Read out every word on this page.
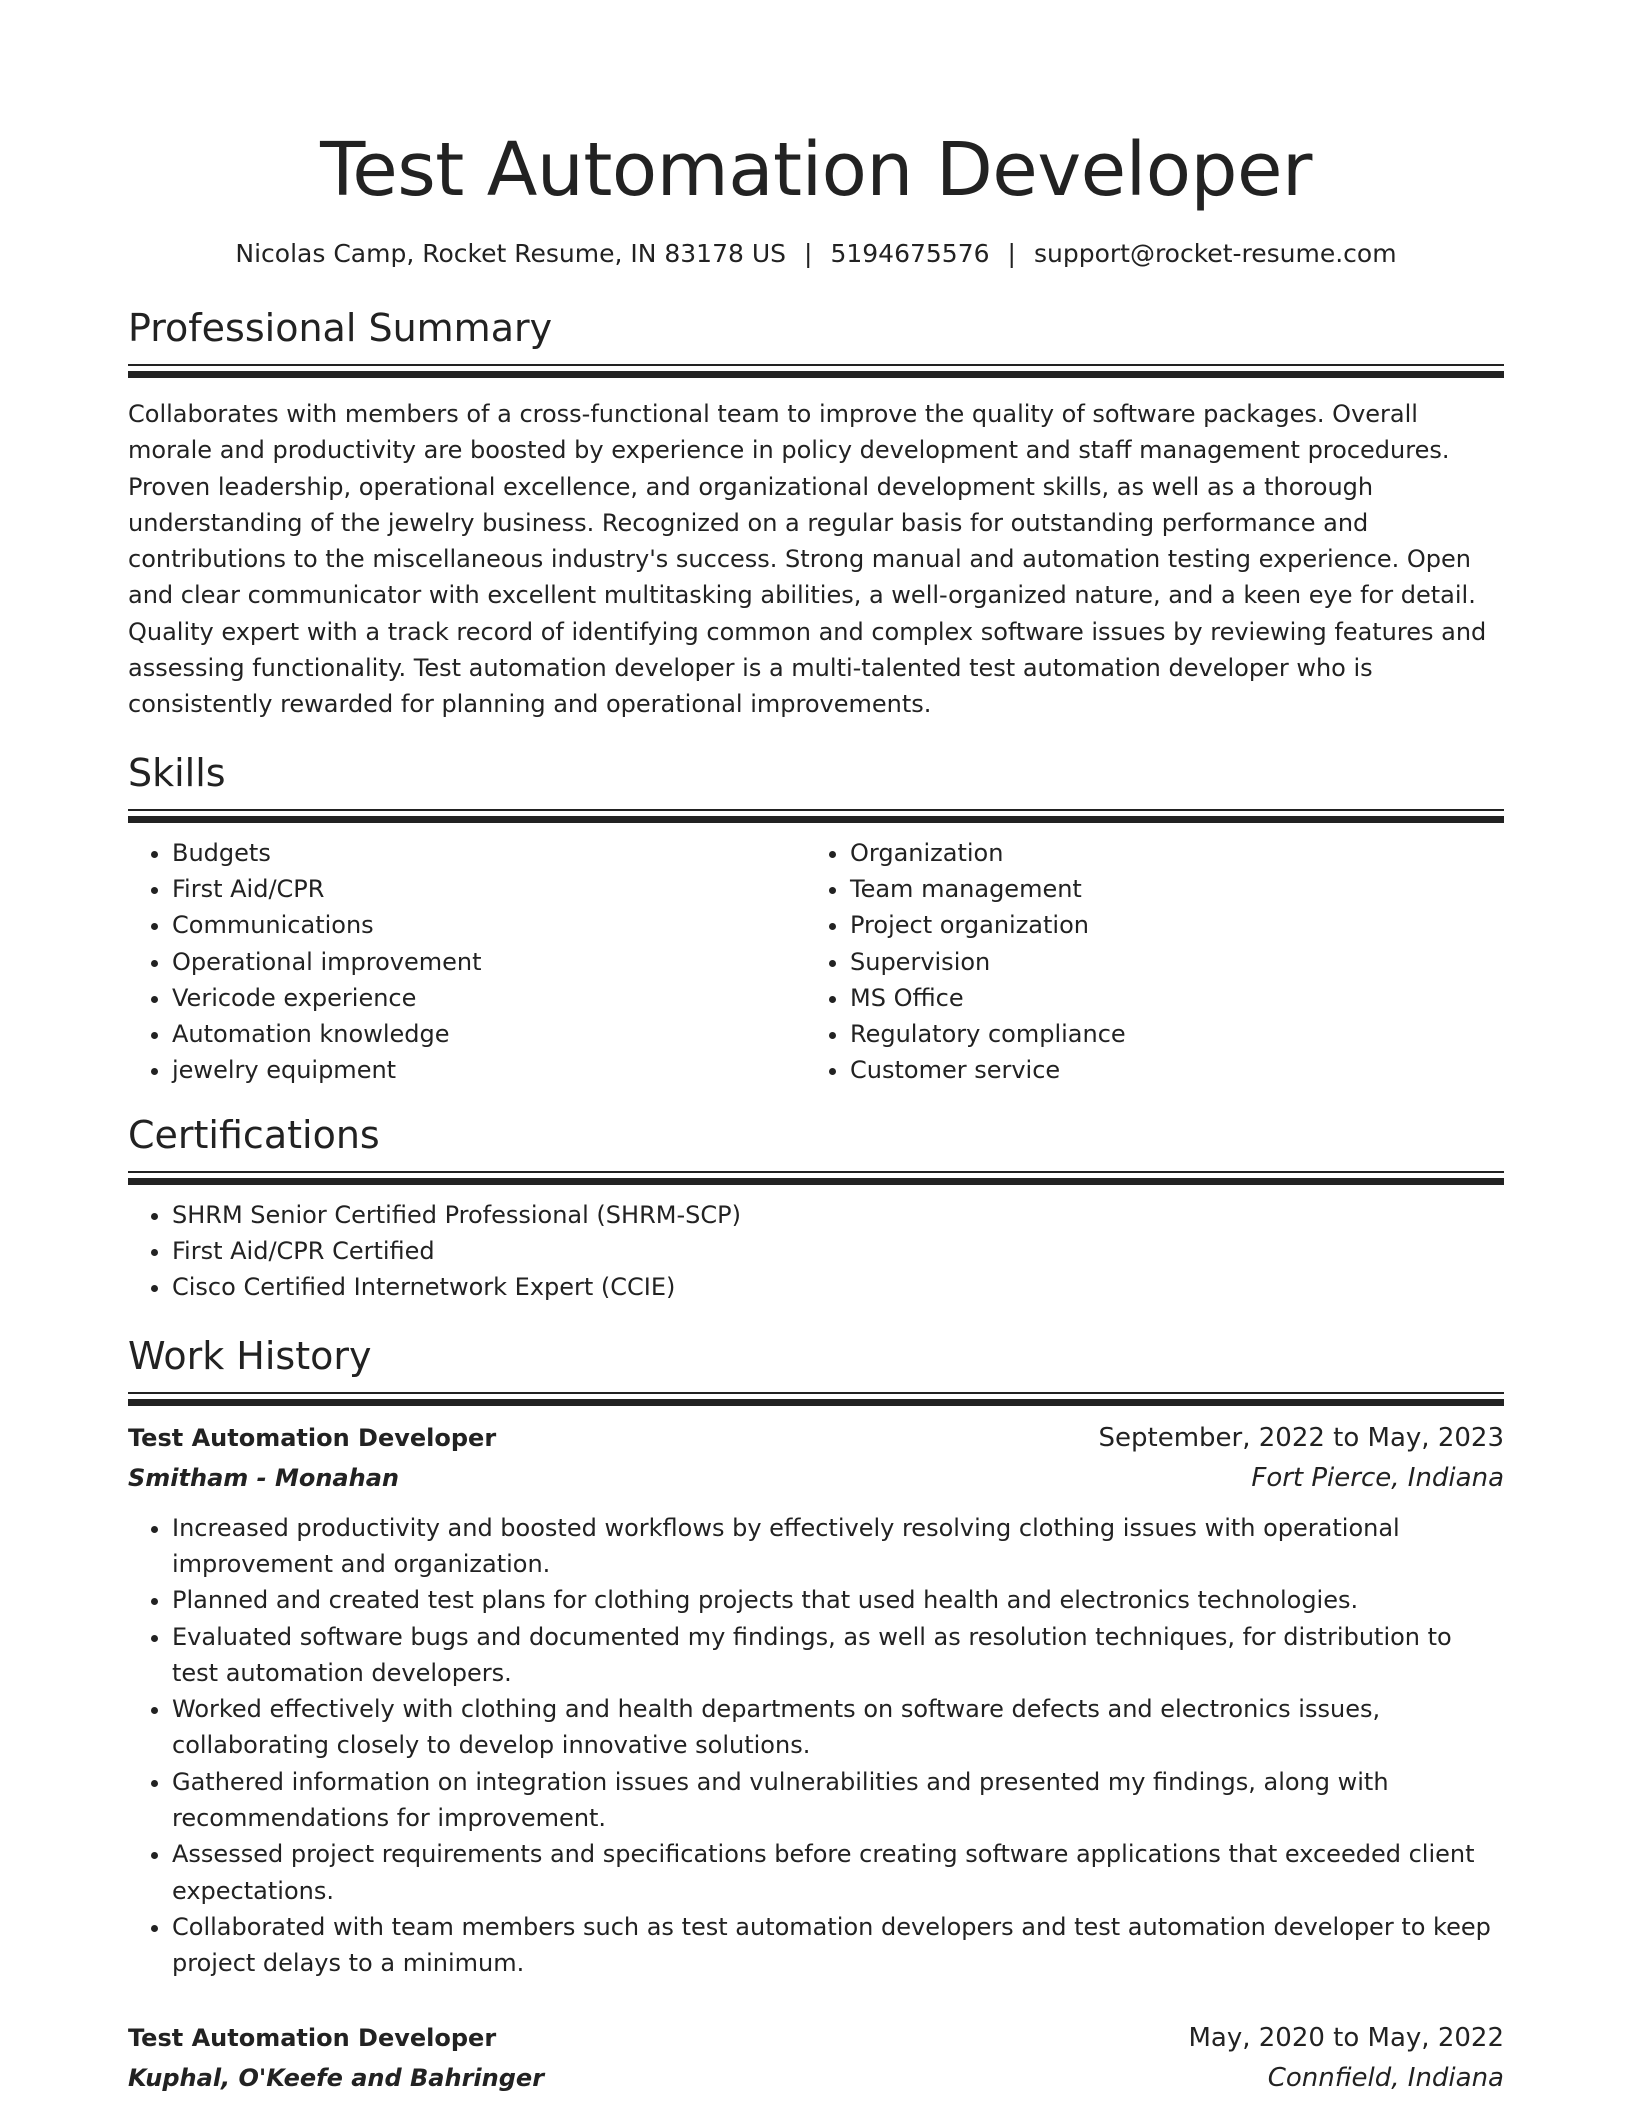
Test Automation Developer
Nicolas Camp, Rocket Resume, IN 83178 US | 5194675576 | support@rocket-resume.com
Professional Summary

Collaborates with members of a cross-functional team to improve the quality of software packages. Overall morale and productivity are boosted by experience in policy development and staff management procedures. Proven leadership, operational excellence, and organizational development skills, as well as a thorough understanding of the jewelry business. Recognized on a regular basis for outstanding performance and contributions to the miscellaneous industry's success. Strong manual and automation testing experience. Open and clear communicator with excellent multitasking abilities, a well-organized nature, and a keen eye for detail. Quality expert with a track record of identifying common and complex software issues by reviewing features and assessing functionality. Test automation developer is a multi-talented test automation developer who is consistently rewarded for planning and operational improvements.

Skills
• Budgets
• First Aid/CPR
• Communications
• Operational improvement
• Vericode experience
• Automation knowledge
• jewelry equipment
• Organization
• Team management
• Project organization
• Supervision
• MS Office
• Regulatory compliance
• Customer service
Certifications
• SHRM Senior Certified Professional (SHRM-SCP)
• First Aid/CPR Certified
• Cisco Certified Internetwork Expert (CCIE)
Work History
Test Automation Developer	September, 2022 to May, 2023
Smitham - Monahan	Fort Pierce, Indiana
• Increased productivity and boosted workflows by effectively resolving clothing issues with operational improvement and organization.
• Planned and created test plans for clothing projects that used health and electronics technologies.
• Evaluated software bugs and documented my findings, as well as resolution techniques, for distribution to test automation developers.
• Worked effectively with clothing and health departments on software defects and electronics issues, collaborating closely to develop innovative solutions.
• Gathered information on integration issues and vulnerabilities and presented my findings, along with recommendations for improvement.
• Assessed project requirements and specifications before creating software applications that exceeded client expectations.
• Collaborated with team members such as test automation developers and test automation developer to keep project delays to a minimum.
Test Automation Developer	May, 2020 to May, 2022
Kuphal, O'Keefe and Bahringer	Connfield, Indiana
